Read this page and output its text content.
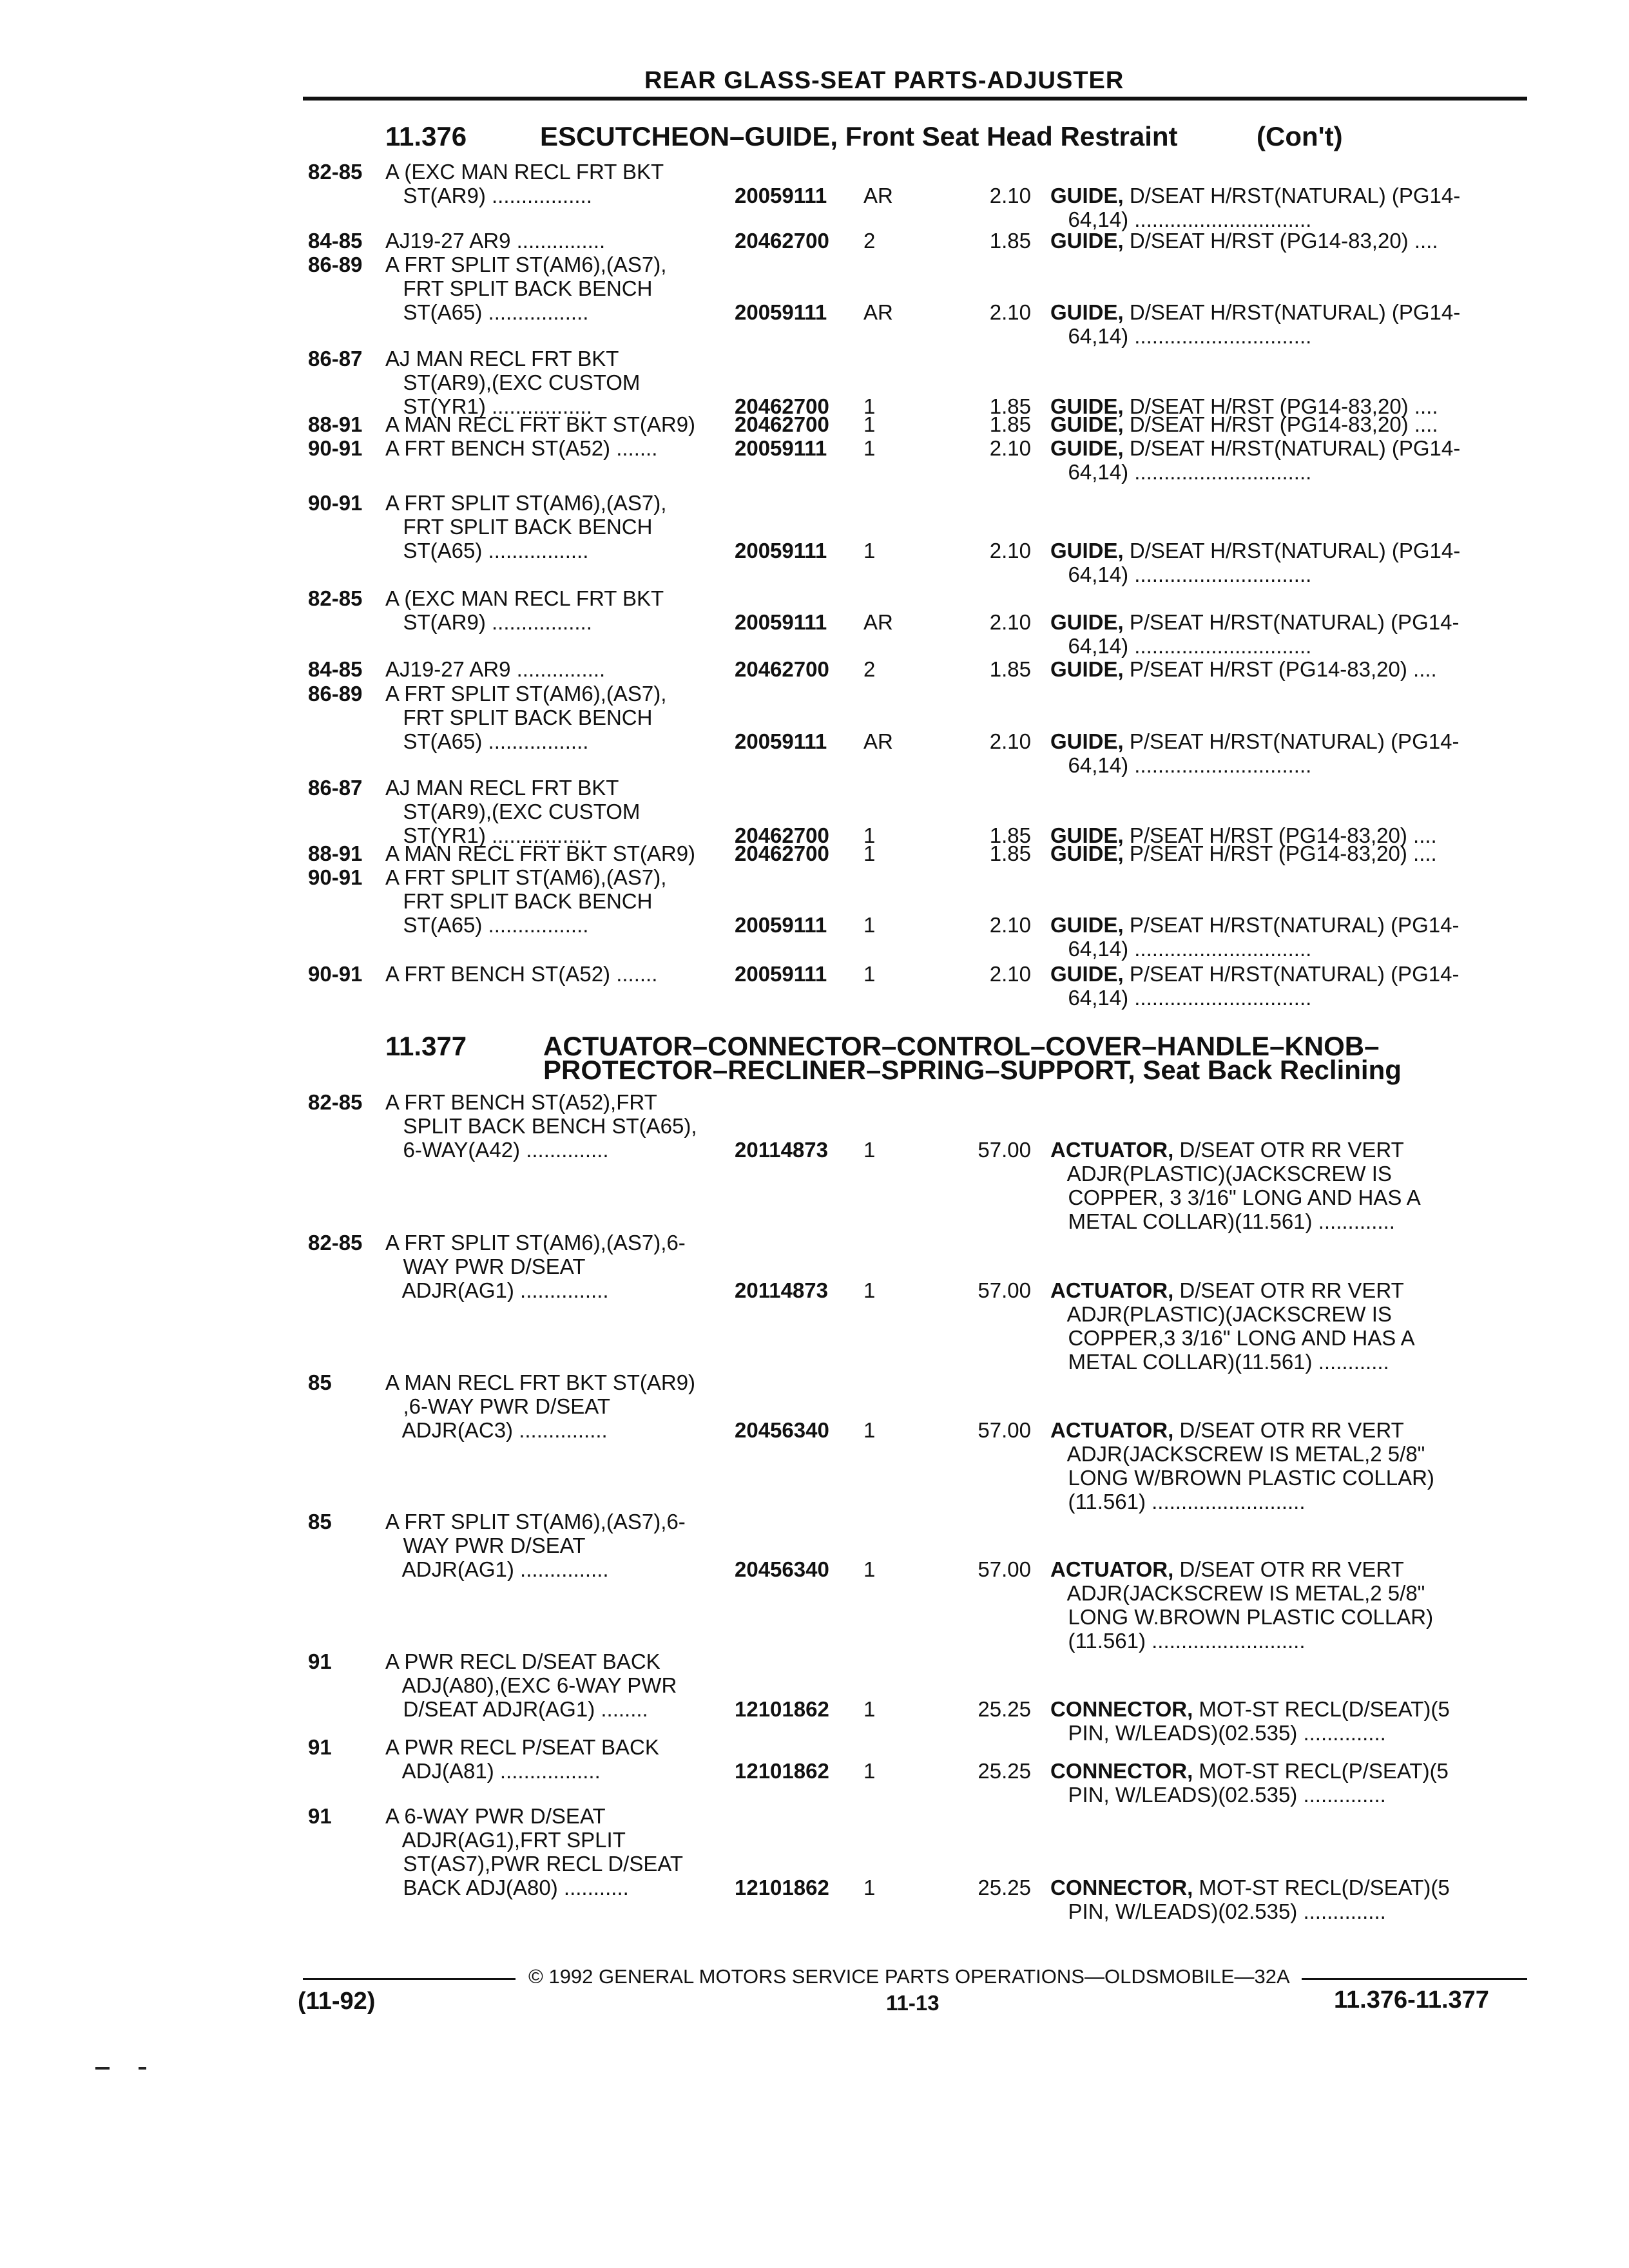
REAR GLASS-SEAT PARTS-ADJUSTER
11.376	ESCUTCHEON–GUIDE, Front Seat Head Restraint	(Con't)
11.377	ACTUATOR–CONNECTOR–CONTROL–COVER–HANDLE–KNOB–
PROTECTOR–RECLINER–SPRING–SUPPORT, Seat Back Reclining
82-85 A (EXC MAN RECL FRT BKT
ST(AR9) .................	20059111 AR	2.10 GUIDE, D/SEAT H/RST(NATURAL) (PG14-
64,14) ..............................
84-85 AJ19-27 AR9 ...............	20462700 2	1.85 GUIDE, D/SEAT H/RST (PG14-83,20) ....
86-89 A FRT SPLIT ST(AM6),(AS7),
FRT SPLIT BACK BENCH
ST(A65) .................	20059111 AR	2.10 GUIDE, D/SEAT H/RST(NATURAL) (PG14-
64,14) ..............................
86-87 AJ MAN RECL FRT BKT
ST(AR9),(EXC CUSTOM
ST(YR1) .................	20462700 1	1.85 GUIDE, D/SEAT H/RST (PG14-83,20) ....
88-91 A MAN RECL FRT BKT ST(AR9)	20462700 1	1.85 GUIDE, D/SEAT H/RST (PG14-83,20) ....
90-91 A FRT BENCH ST(A52) .......	20059111 1	2.10 GUIDE, D/SEAT H/RST(NATURAL) (PG14-
64,14) ..............................
90-91 A FRT SPLIT ST(AM6),(AS7),
FRT SPLIT BACK BENCH
ST(A65) .................	20059111 1	2.10 GUIDE, D/SEAT H/RST(NATURAL) (PG14-
64,14) ..............................
82-85 A (EXC MAN RECL FRT BKT
ST(AR9) .................	20059111 AR	2.10 GUIDE, P/SEAT H/RST(NATURAL) (PG14-
64,14) ..............................
84-85 AJ19-27 AR9 ...............	20462700 2	1.85 GUIDE, P/SEAT H/RST (PG14-83,20) ....
86-89 A FRT SPLIT ST(AM6),(AS7),
FRT SPLIT BACK BENCH
ST(A65) .................	20059111 AR	2.10 GUIDE, P/SEAT H/RST(NATURAL) (PG14-
64,14) ..............................
86-87 AJ MAN RECL FRT BKT
ST(AR9),(EXC CUSTOM
ST(YR1) .................	20462700 1	1.85 GUIDE, P/SEAT H/RST (PG14-83,20) ....
88-91 A MAN RECL FRT BKT ST(AR9)	20462700 1	1.85 GUIDE, P/SEAT H/RST (PG14-83,20) ....
90-91 A FRT SPLIT ST(AM6),(AS7),
FRT SPLIT BACK BENCH
ST(A65) .................	20059111 1	2.10 GUIDE, P/SEAT H/RST(NATURAL) (PG14-
64,14) ..............................
90-91 A FRT BENCH ST(A52) .......	20059111 1	2.10 GUIDE, P/SEAT H/RST(NATURAL) (PG14-
64,14) ..............................
82-85 A FRT BENCH ST(A52),FRT
SPLIT BACK BENCH ST(A65),
6-WAY(A42) ..............	20114873 1	57.00 ACTUATOR, D/SEAT OTR RR VERT
ADJR(PLASTIC)(JACKSCREW IS
COPPER, 3 3/16" LONG AND HAS A
METAL COLLAR)(11.561) .............
82-85 A FRT SPLIT ST(AM6),(AS7),6-
WAY PWR D/SEAT
ADJR(AG1) ...............	20114873 1	57.00 ACTUATOR, D/SEAT OTR RR VERT
ADJR(PLASTIC)(JACKSCREW IS
COPPER,3 3/16" LONG AND HAS A
METAL COLLAR)(11.561) ............
85	A MAN RECL FRT BKT ST(AR9)
,6-WAY PWR D/SEAT
ADJR(AC3) ...............	20456340 1	57.00 ACTUATOR, D/SEAT OTR RR VERT
ADJR(JACKSCREW IS METAL,2 5/8"
LONG W/BROWN PLASTIC COLLAR)
(11.561) ..........................
85	A FRT SPLIT ST(AM6),(AS7),6-
WAY PWR D/SEAT
ADJR(AG1) ...............	20456340 1	57.00 ACTUATOR, D/SEAT OTR RR VERT
ADJR(JACKSCREW IS METAL,2 5/8"
LONG W.BROWN PLASTIC COLLAR)
(11.561) ..........................
91	A PWR RECL D/SEAT BACK
ADJ(A80),(EXC 6-WAY PWR
D/SEAT ADJR(AG1) ........	12101862 1	25.25 CONNECTOR, MOT-ST RECL(D/SEAT)(5
PIN, W/LEADS)(02.535) ..............
91	A PWR RECL P/SEAT BACK
ADJ(A81) .................	12101862 1	25.25 CONNECTOR, MOT-ST RECL(P/SEAT)(5
PIN, W/LEADS)(02.535) ..............
91	A 6-WAY PWR D/SEAT
ADJR(AG1),FRT SPLIT
ST(AS7),PWR RECL D/SEAT
BACK ADJ(A80) ...........	12101862 1	25.25 CONNECTOR, MOT-ST RECL(D/SEAT)(5
PIN, W/LEADS)(02.535) ..............
© 1992 GENERAL MOTORS SERVICE PARTS OPERATIONS—OLDSMOBILE—32A
(11-92)	11-13	11.376-11.377
